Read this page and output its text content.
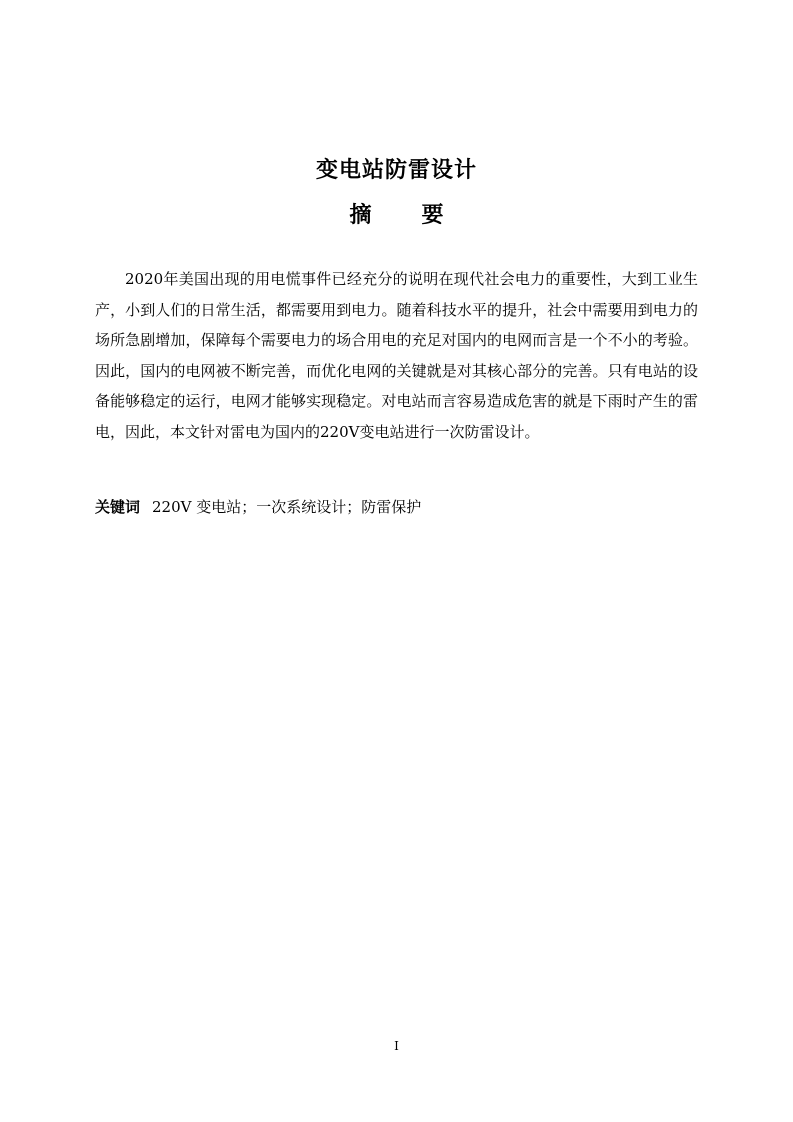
变电站防雷设计
摘 要

2020年美国出现的用电慌事件已经充分的说明在现代社会电力的重要性，大到工业生产，小到人们的日常生活，都需要用到电力。随着科技水平的提升，社会中需要用到电力的场所急剧增加，保障每个需要电力的场合用电的充足对国内的电网而言是一个不小的考验。因此，国内的电网被不断完善，而优化电网的关键就是对其核心部分的完善。只有电站的设备能够稳定的运行，电网才能够实现稳定。对电站而言容易造成危害的就是下雨时产生的雷电，因此，本文针对雷电为国内的220V变电站进行一次防雷设计。

关键词 220V 变电站；一次系统设计；防雷保护

I
